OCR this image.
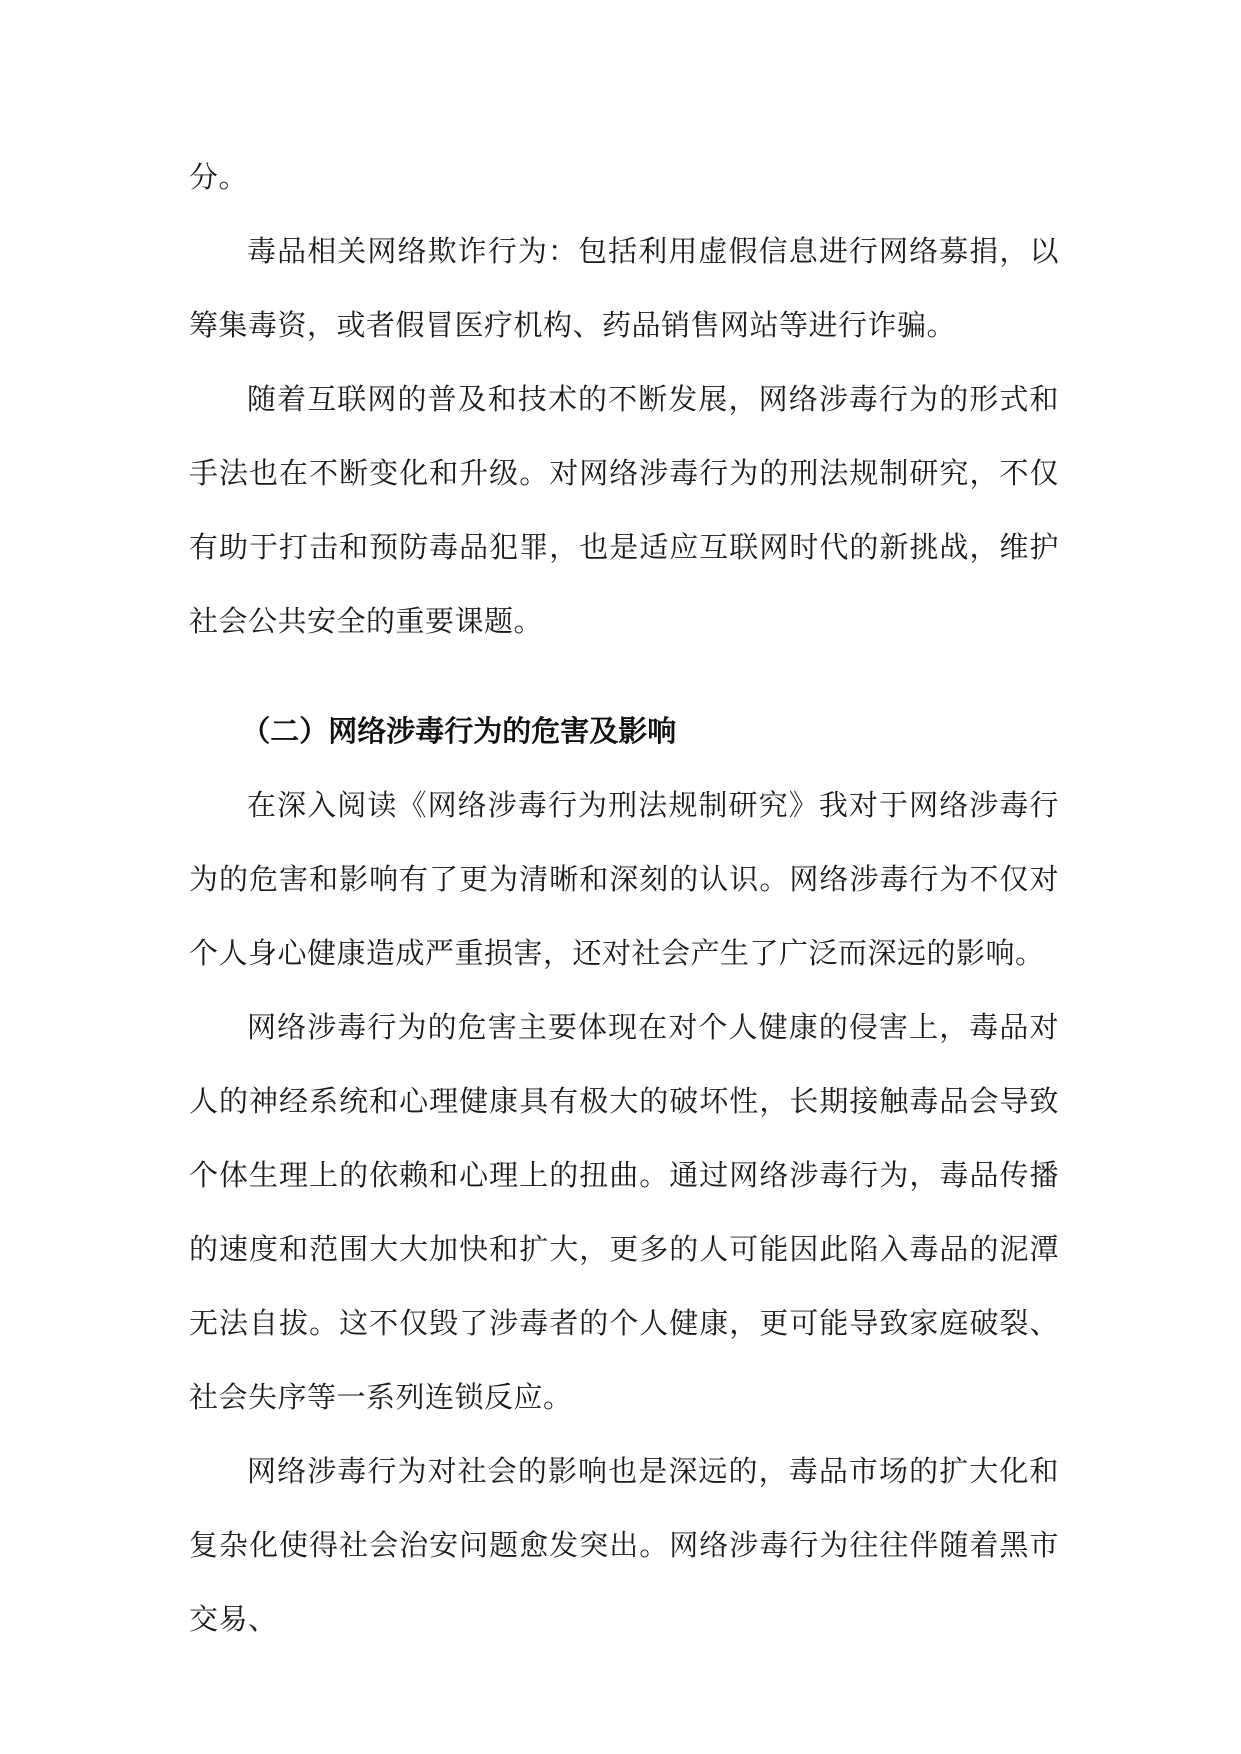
分。

毒品相关网络欺诈行为：包括利用虚假信息进行网络募捐，以筹集毒资，或者假冒医疗机构、药品销售网站等进行诈骗。

随着互联网的普及和技术的不断发展，网络涉毒行为的形式和手法也在不断变化和升级。对网络涉毒行为的刑法规制研究，不仅有助于打击和预防毒品犯罪，也是适应互联网时代的新挑战，维护社会公共安全的重要课题。

（二）网络涉毒行为的危害及影响

在深入阅读《网络涉毒行为刑法规制研究》我对于网络涉毒行为的危害和影响有了更为清晰和深刻的认识。网络涉毒行为不仅对个人身心健康造成严重损害，还对社会产生了广泛而深远的影响。

网络涉毒行为的危害主要体现在对个人健康的侵害上，毒品对人的神经系统和心理健康具有极大的破坏性，长期接触毒品会导致个体生理上的依赖和心理上的扭曲。通过网络涉毒行为，毒品传播的速度和范围大大加快和扩大，更多的人可能因此陷入毒品的泥潭无法自拔。这不仅毁了涉毒者的个人健康，更可能导致家庭破裂、社会失序等一系列连锁反应。

网络涉毒行为对社会的影响也是深远的，毒品市场的扩大化和复杂化使得社会治安问题愈发突出。网络涉毒行为往往伴随着黑市交易、
